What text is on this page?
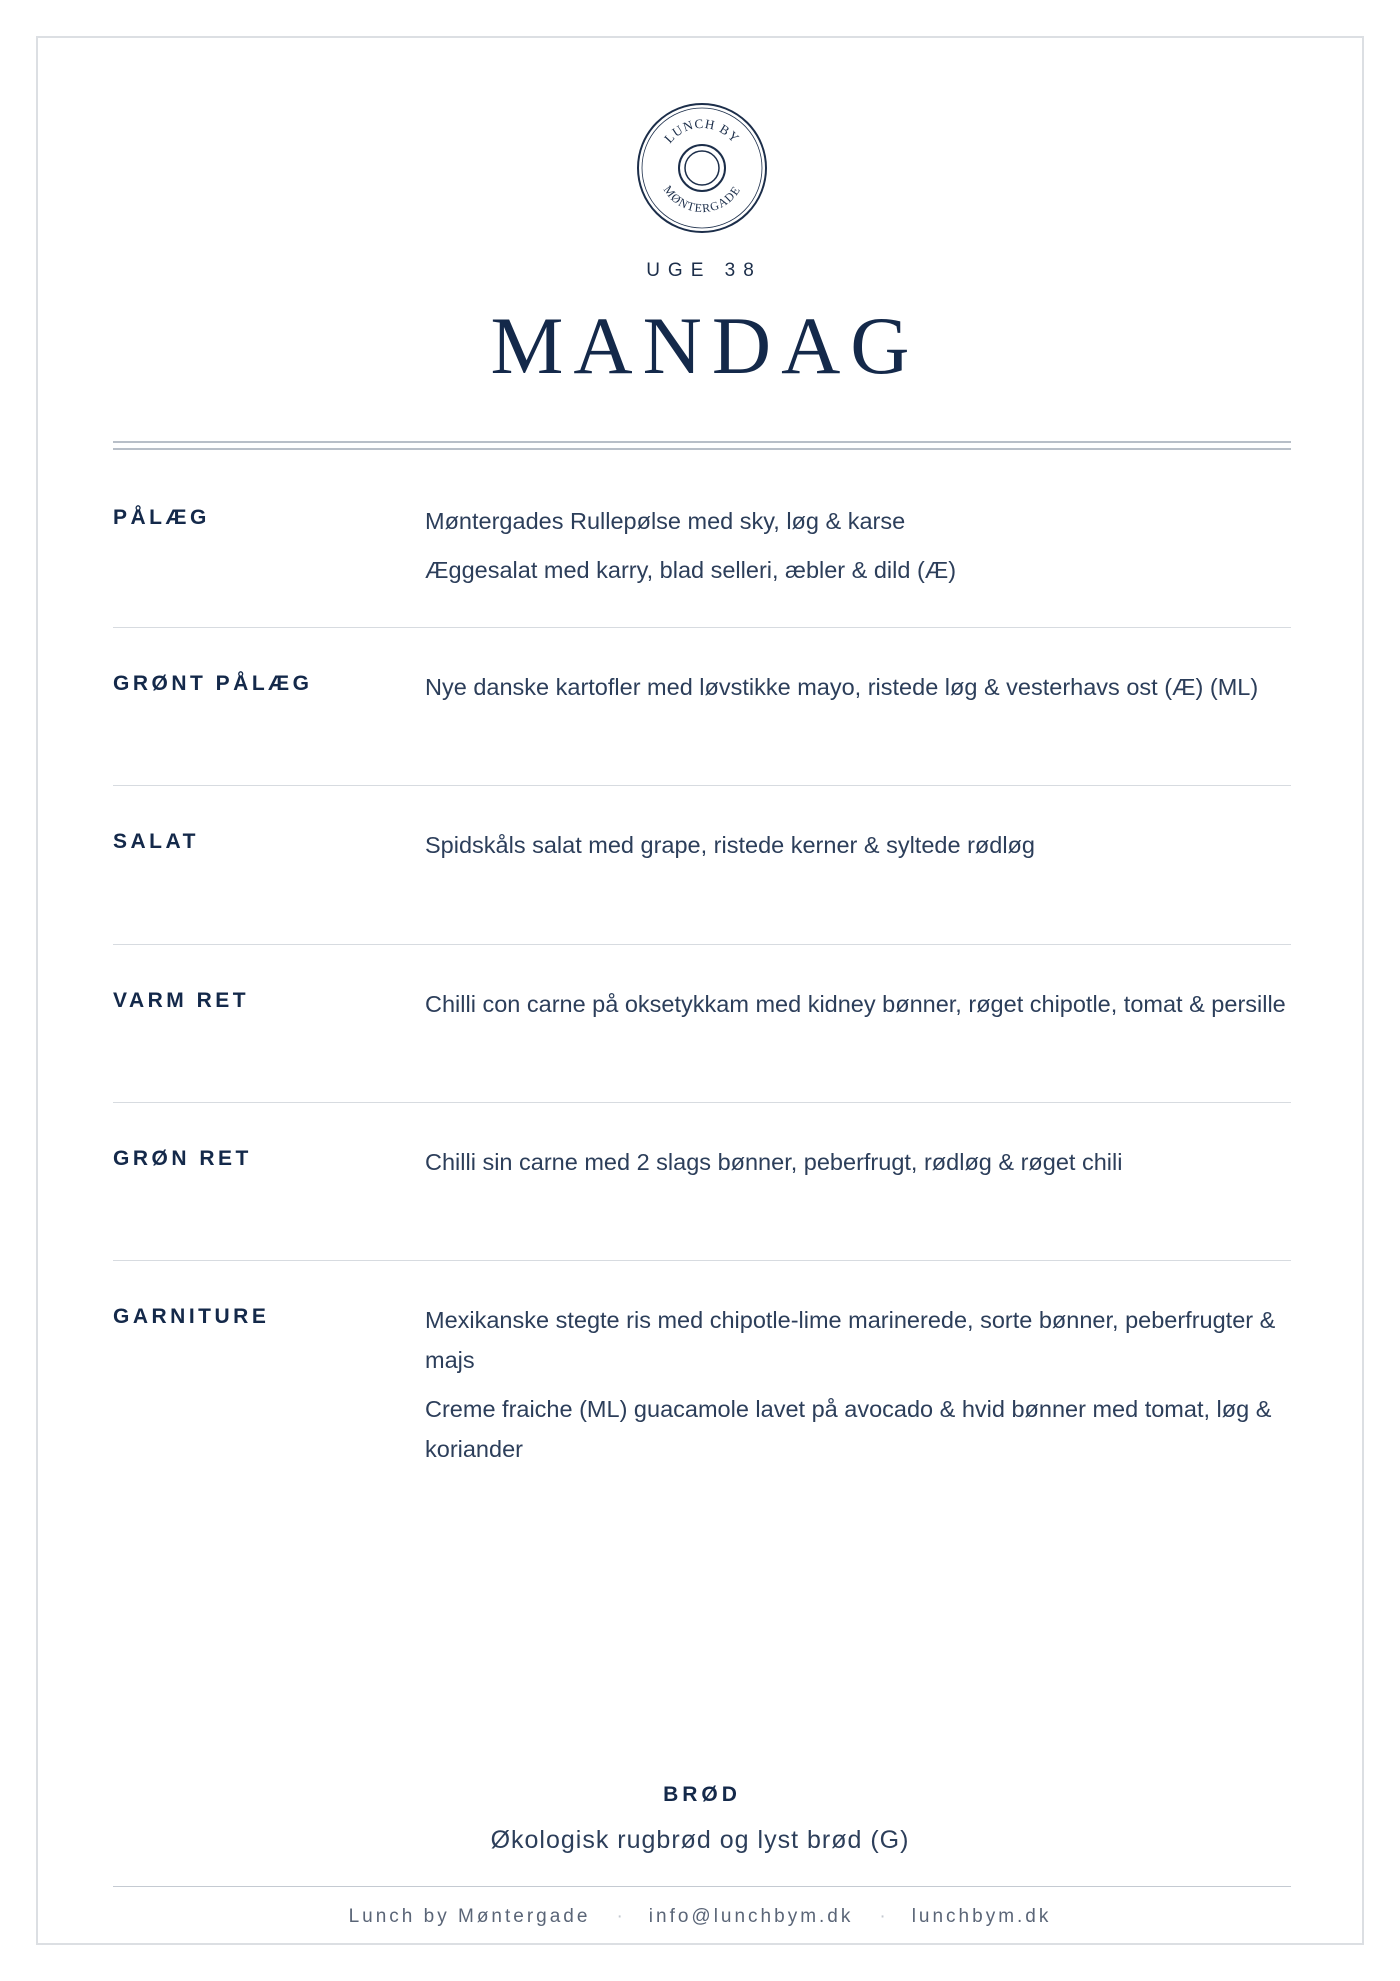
LUNCH BY
MØNTERGADE
UGE 38
MANDAG
PÅLÆG	Møntergades Rullepølse med sky, løg & karse

Æggesalat med karry, blad selleri, æbler & dild (Æ)

GRØNT PÅLÆG	Nye danske kartofler med løvstikke mayo, ristede løg & vesterhavs ost (Æ) (ML)

SALAT	Spidskåls salat med grape, ristede kerner & syltede rødløg

VARM RET	Chilli con carne på oksetykkam med kidney bønner, røget chipotle, tomat & persille

GRØN RET	Chilli sin carne med 2 slags bønner, peberfrugt, rødløg & røget chili

GARNITURE	Mexikanske stegte ris med chipotle-lime marinerede, sorte bønner, peberfrugter & majs

Creme fraiche (ML) guacamole lavet på avocado & hvid bønner med tomat, løg & koriander

BRØD
Økologisk rugbrød og lyst brød (G)
Lunch by Møntergade · info@lunchbym.dk · lunchbym.dk
